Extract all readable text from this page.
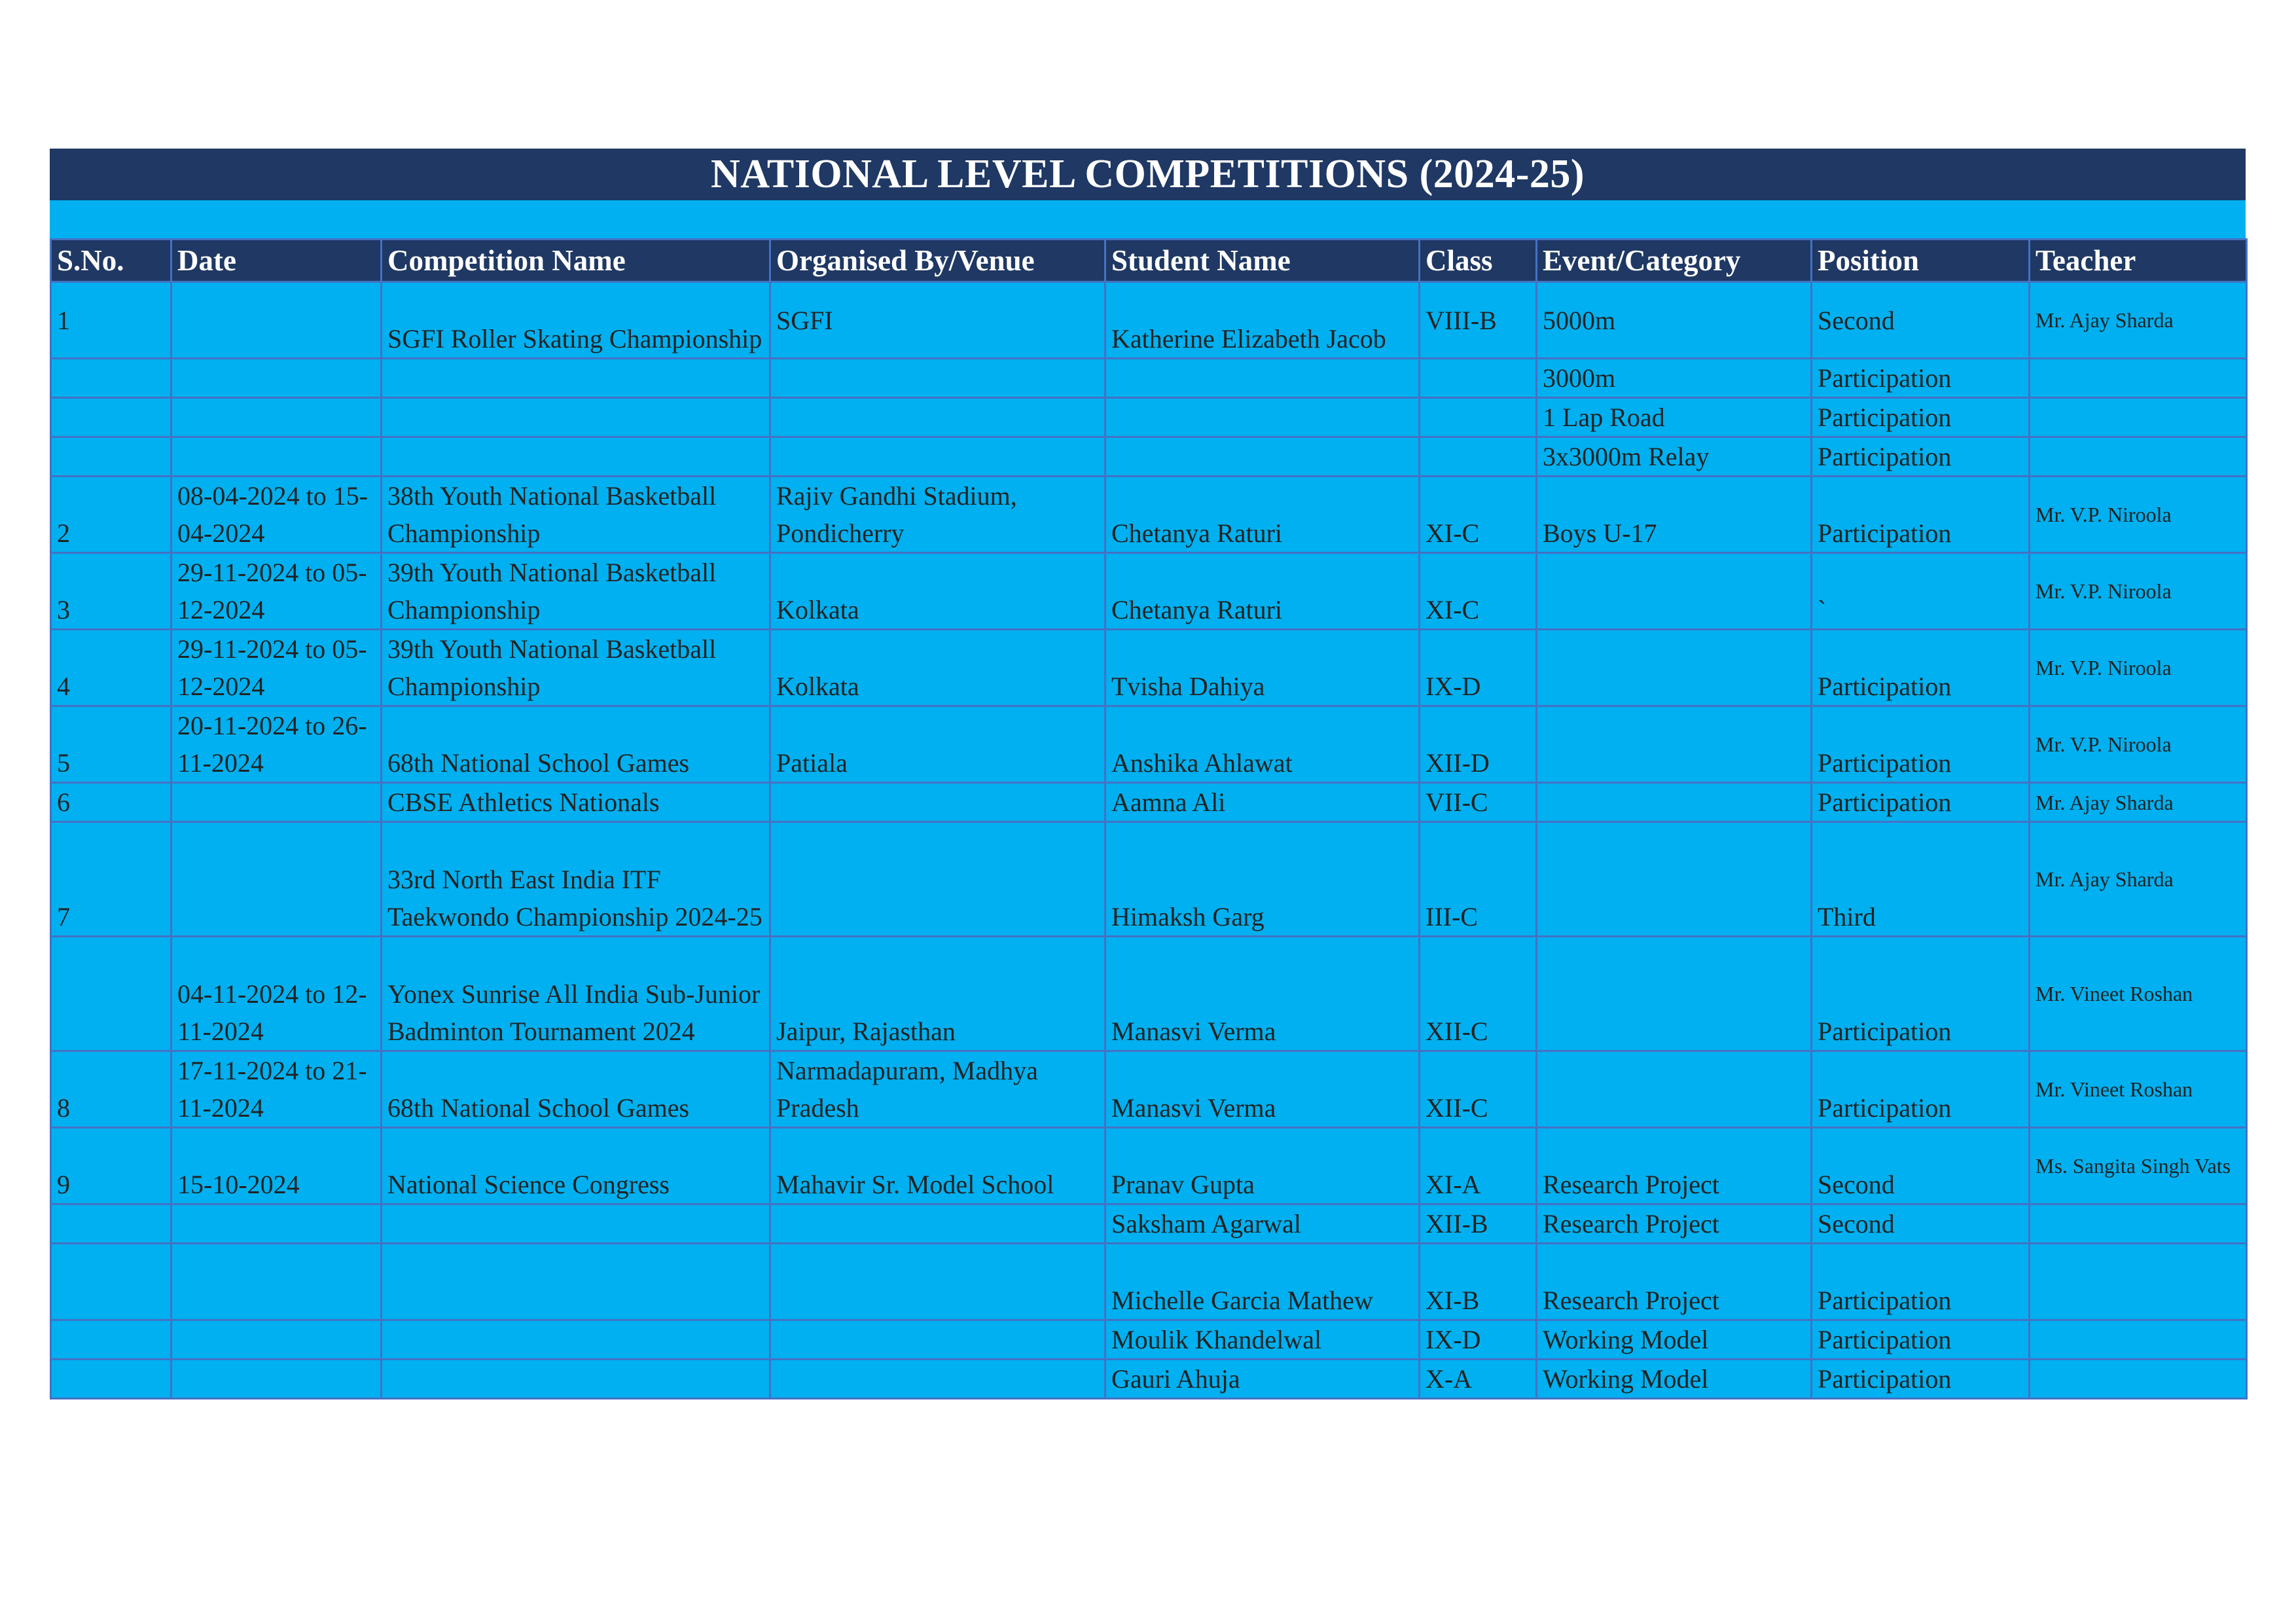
NATIONAL LEVEL COMPETITIONS (2024-25)
S.No.	Date	Competition Name	Organised By/Venue	Student Name	Class	Event/Category	Position	Teacher
1		SGFI Roller Skating Championship	SGFI	Katherine Elizabeth Jacob	VIII-B	5000m	Second	Mr. Ajay Sharda
						3000m	Participation	
						1 Lap Road	Participation	
						3x3000m Relay	Participation	
2	08-04-2024 to 15-04-2024	38th Youth National Basketball Championship	Rajiv Gandhi Stadium, Pondicherry	Chetanya Raturi	XI-C	Boys U-17	Participation	Mr. V.P. Niroola
3	29-11-2024 to 05-12-2024	39th Youth National Basketball Championship	Kolkata	Chetanya Raturi	XI-C		`	Mr. V.P. Niroola
4	29-11-2024 to 05-12-2024	39th Youth National Basketball Championship	Kolkata	Tvisha Dahiya	IX-D		Participation	Mr. V.P. Niroola
5	20-11-2024 to 26-11-2024	68th National School Games	Patiala	Anshika Ahlawat	XII-D		Participation	Mr. V.P. Niroola
6		CBSE Athletics Nationals		Aamna Ali	VII-C		Participation	Mr. Ajay Sharda
7		33rd North East India ITF Taekwondo Championship 2024-25		Himaksh Garg	III-C		Third	Mr. Ajay Sharda
	04-11-2024 to 12-11-2024	Yonex Sunrise All India Sub-Junior Badminton Tournament 2024	Jaipur, Rajasthan	Manasvi Verma	XII-C		Participation	Mr. Vineet Roshan
8	17-11-2024 to 21-11-2024	68th National School Games	Narmadapuram, Madhya Pradesh	Manasvi Verma	XII-C		Participation	Mr. Vineet Roshan
9	15-10-2024	National Science Congress	Mahavir Sr. Model School	Pranav Gupta	XI-A	Research Project	Second	Ms. Sangita Singh Vats
				Saksham Agarwal	XII-B	Research Project	Second	
				Michelle Garcia Mathew	XI-B	Research Project	Participation	
				Moulik Khandelwal	IX-D	Working Model	Participation	
				Gauri Ahuja	X-A	Working Model	Participation	
